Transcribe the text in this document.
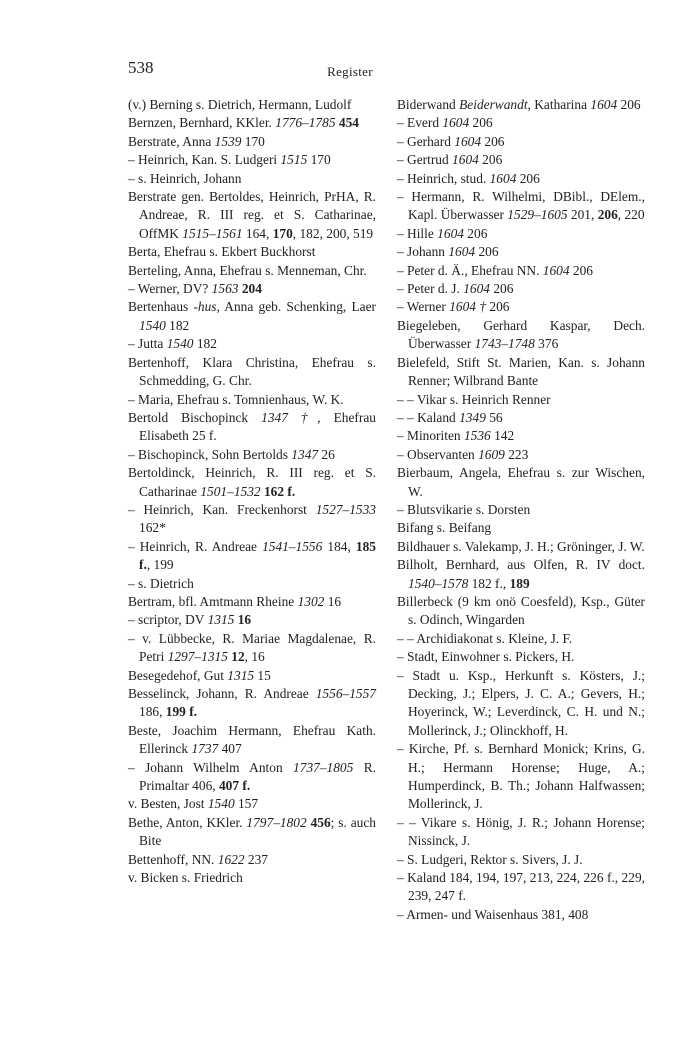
538	Register
(v.) Berning s. Dietrich, Hermann, Ludolf
Bernzen, Bernhard, KKler. 1776–1785 454
Berstrate, Anna 1539 170
– Heinrich, Kan. S. Ludgeri 1515 170
– s. Heinrich, Johann
Berstrate gen. Bertoldes, Heinrich, PrHA, R. Andreae, R. III reg. et S. Catharinae, OffMK 1515–1561 164, 170, 182, 200, 519
Berta, Ehefrau s. Ekbert Buckhorst
Berteling, Anna, Ehefrau s. Menneman, Chr.
– Werner, DV? 1563 204
Bertenhaus -hus, Anna geb. Schenking, Laer 1540 182
– Jutta 1540 182
Bertenhoff, Klara Christina, Ehefrau s. Schmedding, G. Chr.
– Maria, Ehefrau s. Tomnienhaus, W. K.
Bertold Bischopinck 1347 †, Ehefrau Elisabeth 25 f.
– Bischopinck, Sohn Bertolds 1347 26
Bertoldinck, Heinrich, R. III reg. et S. Catharinae 1501–1532 162 f.
– Heinrich, Kan. Freckenhorst 1527–1533 162*
– Heinrich, R. Andreae 1541–1556 184, 185 f., 199
– s. Dietrich
Bertram, bfl. Amtmann Rheine 1302 16
– scriptor, DV 1315 16
– v. Lübbecke, R. Mariae Magdalenae, R. Petri 1297–1315 12, 16
Besegedehof, Gut 1315 15
Besselinck, Johann, R. Andreae 1556–1557 186, 199 f.
Beste, Joachim Hermann, Ehefrau Kath. Ellerinck 1737 407
– Johann Wilhelm Anton 1737–1805 R. Primaltar 406, 407 f.
v. Besten, Jost 1540 157
Bethe, Anton, KKler. 1797–1802 456; s. auch Bite
Bettenhoff, NN. 1622 237
v. Bicken s. Friedrich
Biderwand Beiderwandt, Katharina 1604 206
– Everd 1604 206
– Gerhard 1604 206
– Gertrud 1604 206
– Heinrich, stud. 1604 206
– Hermann, R. Wilhelmi, DBibl., DElem., Kapl. Überwasser 1529–1605 201, 206, 220
– Hille 1604 206
– Johann 1604 206
– Peter d. Ä., Ehefrau NN. 1604 206
– Peter d. J. 1604 206
– Werner 1604 † 206
Biegeleben, Gerhard Kaspar, Dech. Überwasser 1743–1748 376
Bielefeld, Stift St. Marien, Kan. s. Johann Renner; Wilbrand Bante
– – Vikar s. Heinrich Renner
– – Kaland 1349 56
– Minoriten 1536 142
– Observanten 1609 223
Bierbaum, Angela, Ehefrau s. zur Wischen, W.
– Blutsvikarie s. Dorsten
Bifang s. Beifang
Bildhauer s. Valekamp, J. H.; Gröninger, J. W.
Bilholt, Bernhard, aus Olfen, R. IV doct. 1540–1578 182 f., 189
Billerbeck (9 km onö Coesfeld), Ksp., Güter s. Odinch, Wingarden
– – Archidiakonat s. Kleine, J. F.
– Stadt, Einwohner s. Pickers, H.
– Stadt u. Ksp., Herkunft s. Kösters, J.; Decking, J.; Elpers, J. C. A.; Gevers, H.; Hoyerinck, W.; Leverdinck, C. H. und N.; Mollerinck, J.; Olinckhoff, H.
– Kirche, Pf. s. Bernhard Monick; Krins, G. H.; Hermann Horense; Huge, A.; Humperdinck, B. Th.; Johann Halfwassen; Mollerinck, J.
– – Vikare s. Hönig, J. R.; Johann Horense; Nissinck, J.
– S. Ludgeri, Rektor s. Sivers, J. J.
– Kaland 184, 194, 197, 213, 224, 226 f., 229, 239, 247 f.
– Armen- und Waisenhaus 381, 408
